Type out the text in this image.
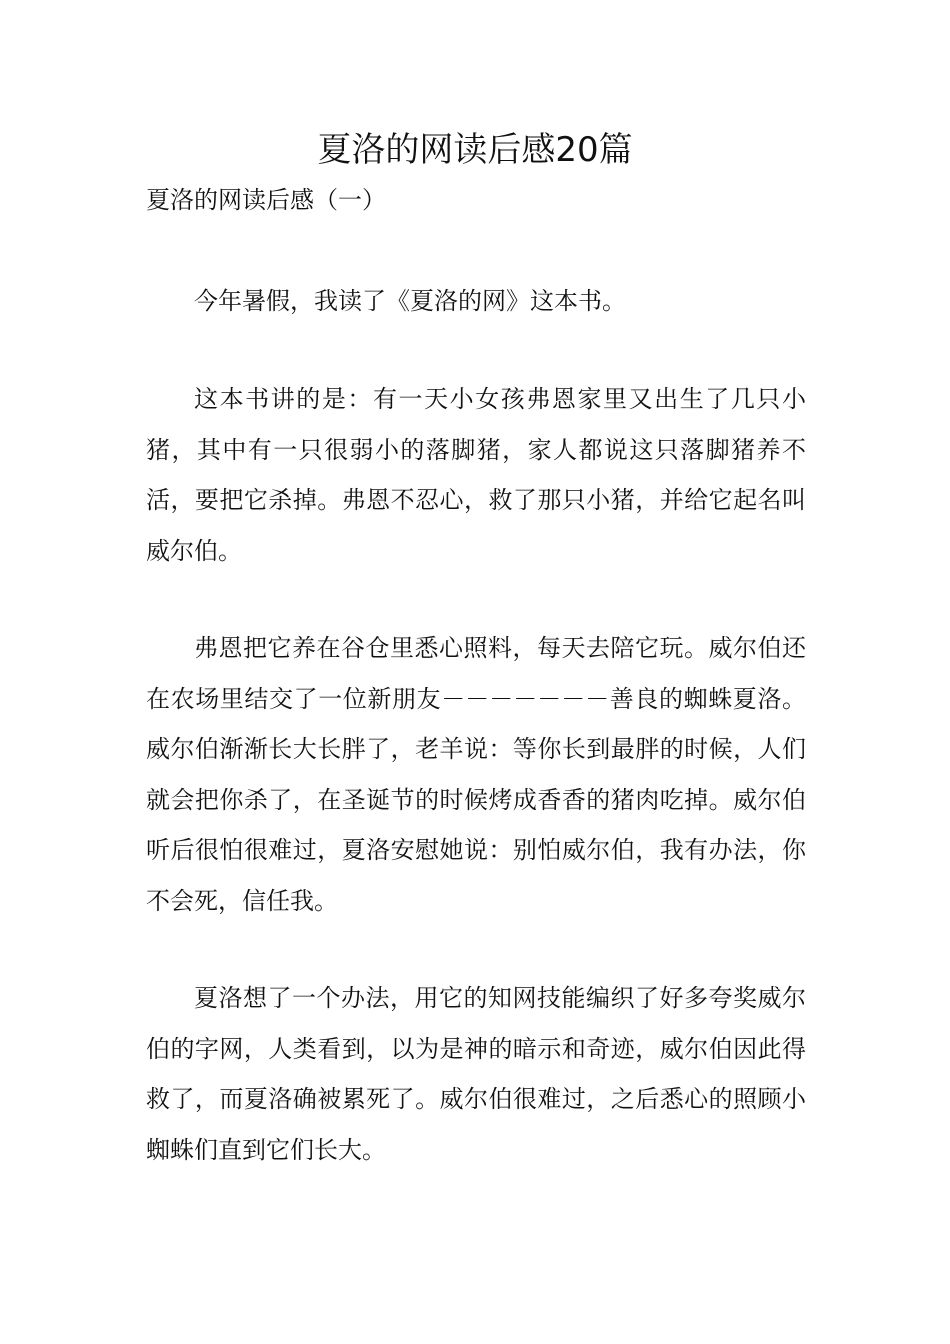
夏洛的网读后感20篇

夏洛的网读后感（一）

今年暑假，我读了《夏洛的网》这本书。

这本书讲的是：有一天小女孩弗恩家里又出生了几只小猪，其中有一只很弱小的落脚猪，家人都说这只落脚猪养不活，要把它杀掉。弗恩不忍心，救了那只小猪，并给它起名叫威尔伯。

弗恩把它养在谷仓里悉心照料，每天去陪它玩。威尔伯还在农场里结交了一位新朋友－－－－－－－善良的蜘蛛夏洛。威尔伯渐渐长大长胖了，老羊说：等你长到最胖的时候，人们就会把你杀了，在圣诞节的时候烤成香香的猪肉吃掉。威尔伯听后很怕很难过，夏洛安慰她说：别怕威尔伯，我有办法，你不会死，信任我。

夏洛想了一个办法，用它的知网技能编织了好多夸奖威尔伯的字网，人类看到，以为是神的暗示和奇迹，威尔伯因此得救了，而夏洛确被累死了。威尔伯很难过，之后悉心的照顾小蜘蛛们直到它们长大。
